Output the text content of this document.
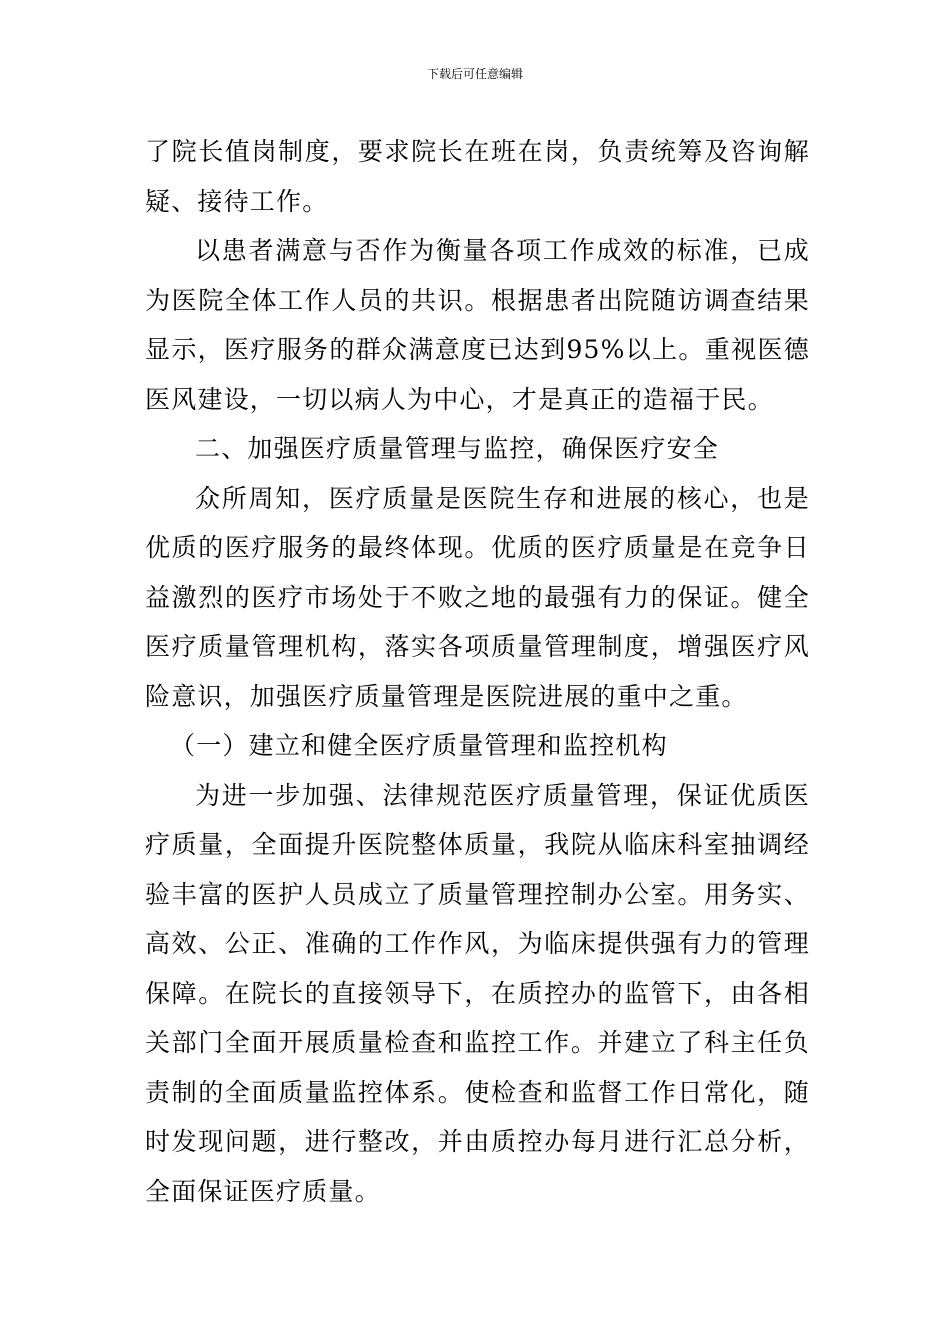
下载后可任意编辑

了院长值岗制度，要求院长在班在岗，负责统筹及咨询解疑、接待工作。

以患者满意与否作为衡量各项工作成效的标准，已成为医院全体工作人员的共识。根据患者出院随访调查结果显示，医疗服务的群众满意度已达到95%以上。重视医德医风建设，一切以病人为中心，才是真正的造福于民。

二、加强医疗质量管理与监控，确保医疗安全

众所周知，医疗质量是医院生存和进展的核心，也是优质的医疗服务的最终体现。优质的医疗质量是在竞争日益激烈的医疗市场处于不败之地的最强有力的保证。健全医疗质量管理机构，落实各项质量管理制度，增强医疗风险意识，加强医疗质量管理是医院进展的重中之重。

（一）建立和健全医疗质量管理和监控机构

为进一步加强、法律规范医疗质量管理，保证优质医疗质量，全面提升医院整体质量，我院从临床科室抽调经验丰富的医护人员成立了质量管理控制办公室。用务实、高效、公正、准确的工作作风，为临床提供强有力的管理保障。在院长的直接领导下，在质控办的监管下，由各相关部门全面开展质量检查和监控工作。并建立了科主任负责制的全面质量监控体系。使检查和监督工作日常化，随时发现问题，进行整改，并由质控办每月进行汇总分析，全面保证医疗质量。
